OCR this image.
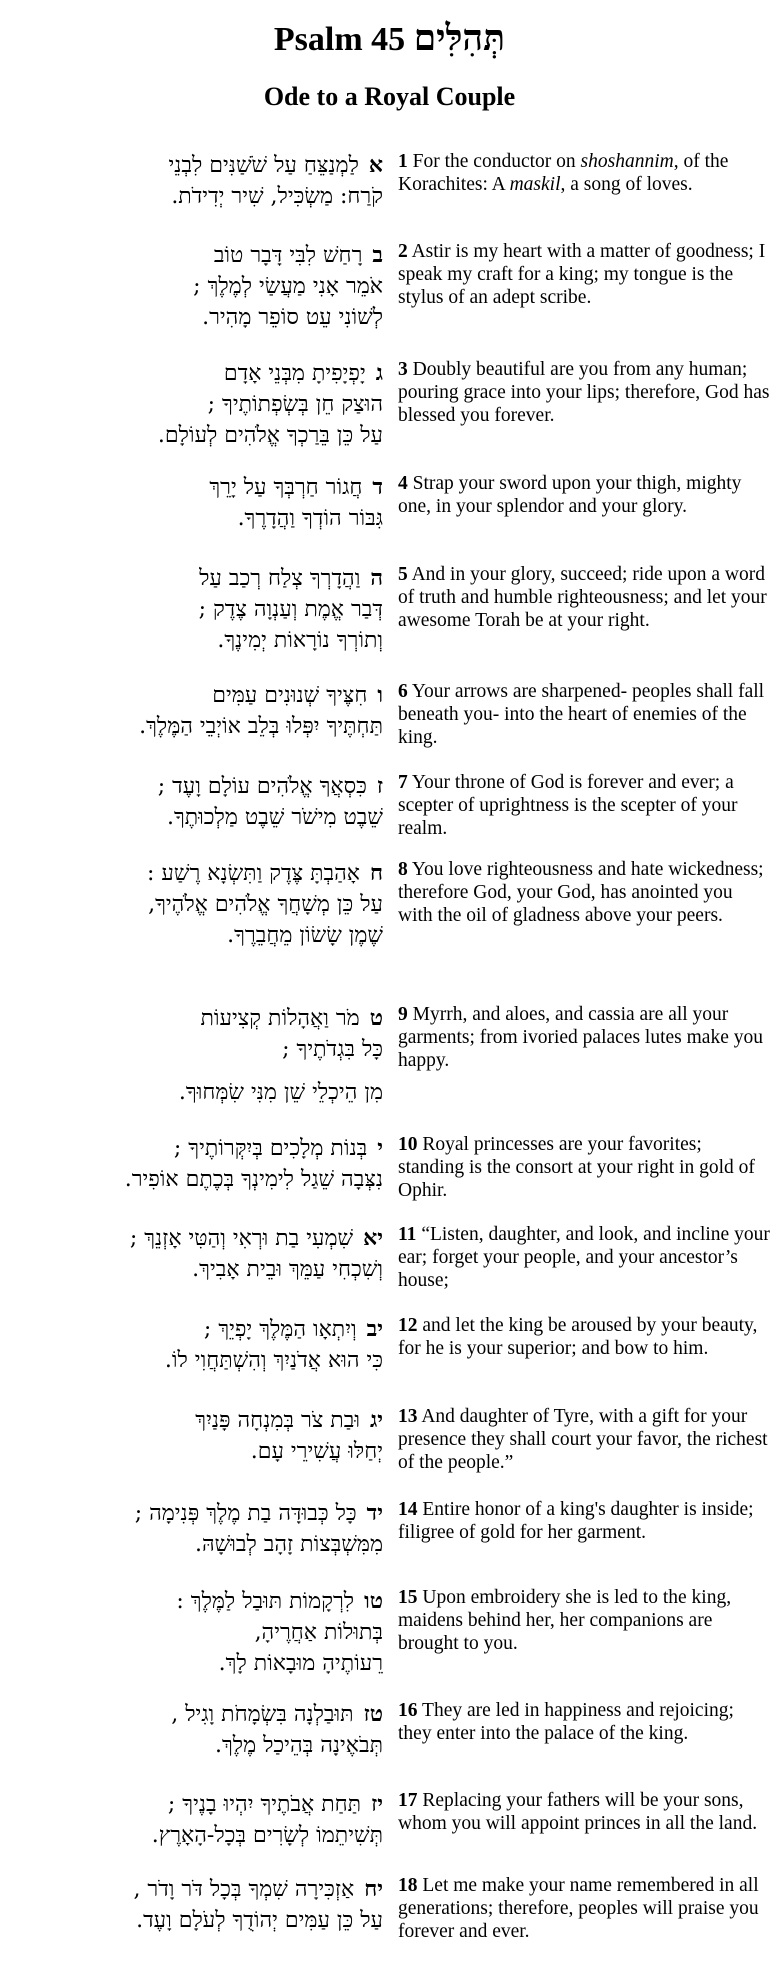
Psalm 45 תְּהִלִּים
Ode to a Royal Couple
אלַמְנַצֵּחַ עַל שֹׁשַׁנִּים לִבְנֵי
קֹרַח: מַשְׂכִּיל, שִׁיר יְדִידֹת.
1 For the conductor on shoshannim, of the Korachites: A maskil, a song of loves.
ברָחַשׁ לִבִּי דָּבָר טוֹב
אֹמֵר אָנִי מַעֲשַׂי לְמֶלֶךְ ;
לְשׁוֹנִי עֵט סוֹפֵר מָהִיר.
2 Astir is my heart with a matter of goodness; I speak my craft for a king; my tongue is the stylus of an adept scribe.
גיָפְיָפִיתָ מִבְּנֵי אָדָם
הוּצַק חֵן בְּשְׂפְתוֹתֶיךָ ;
עַל כֵּן בֵּרַכְךָ אֱלֹהִים לְעוֹלָם.
3 Doubly beautiful are you from any human; pouring grace into your lips; therefore, God has blessed you forever.
דחֲגוֹר חַרְבְּךָ עַל יָרֵךְ
גִּבּוֹר הוֹדְךָ וַהֲדָרֶךָ.
4 Strap your sword upon your thigh, mighty one, in your splendor and your glory.
הוַהֲדָרְךָ צְלַח רְכַב עַל
דְּבַר אֱמֶת וְעַנְוָה צֶדֶק ;
וְתוֹרְךָ נוֹרָאוֹת יְמִינֶךָ.
5 And in your glory, succeed; ride upon a word of truth and humble righteousness; and let your awesome Torah be at your right.
וחִצֶּיךָ שְׁנוּנִים עַמִּים
תַּחְתֶּיךָ יִפְּלוּ בְּלֵב אוֹיְבֵי הַמֶּלֶךְ.
6 Your arrows are sharpened- peoples shall fall beneath you- into the heart of enemies of the king.
זכִּסְאֲךָ אֱלֹהִים עוֹלָם וָעֶד ;
שֵׁבֶט מִישֹׁר שֵׁבֶט מַלְכוּתֶךָ.
7 Your throne of God is forever and ever; a scepter of uprightness is the scepter of your realm.
חאָהַבְתָּ צֶּדֶק וַתִּשְׂנָא רֶשַׁע :
עַל כֵּן מְשָׁחֲךָ אֱלֹהִים אֱלֹהֶיךָ,
שֶׁמֶן שָׂשׂוֹן מֵחֲבֵרֶךָ.
8 You love righteousness and hate wickedness;
therefore God, your God, has anointed you with the oil of gladness above your peers.
טמֹר וַאֲהָלוֹת קְצִיעוֹת
כָּל בִּגְדֹתֶיךָ ;
מִן הֵיכְלֵי שֵׁן מִנִּי שִׂמְּחוּךָ.
9 Myrrh, and aloes, and cassia are all your garments; from ivoried palaces lutes make you happy.
יבְּנוֹת מְלָכִים בְּיִקְּרוֹתֶיךָ ;
נִצְּבָה שֵׁגַל לִימִינְךָ בְּכֶתֶם אוֹפִיר.
10 Royal princesses are your favorites; standing is the consort at your right in gold of Ophir.
יאשִׁמְעִי בַת וּרְאִי וְהַטִּי אָזְנֵךְ ;
וְשִׁכְחִי עַמֵּךְ וּבֵית אָבִיךְ.
11 “Listen, daughter, and look, and incline your ear; forget your people, and your ancestor’s house;
יבוְיִתְאָו הַמֶּלֶךְ יָפְיֵךְ ;
כִּי הוּא אֲדֹנַיִךְ וְהִשְׁתַּחֲוִי לוֹ.
12 and let the king be aroused by your beauty, for he is your superior; and bow to him.
יגוּבַת צֹר בְּמִנְחָה פָּנַיִךְ
יְחַלּוּ עֲשִׁירֵי עָם.
13 And daughter of Tyre, with a gift for your presence they shall court your favor, the richest of the people.”
ידכָּל כְּבוּדָּה בַת מֶלֶךְ פְּנִימָה ;
מִמִּשְׁבְּצוֹת זָהָב לְבוּשָׁהּ.
14 Entire honor of a king's daughter is inside; filigree of gold for her garment.
טולִרְקָמוֹת תּוּבַל לַמֶּלֶךְ :
בְּתוּלוֹת אַחֲרֶיהָ,
רֵעוֹתֶיהָ מוּבָאוֹת לָךְ.
15 Upon embroidery she is led to the king, maidens behind her, her companions are brought to you.
טזתּוּבַלְנָה בִּשְׂמָחֹת וָגִיל ,
תְּבֹאֶינָה בְּהֵיכַל מֶלֶךְ.
16 They are led in happiness and rejoicing; they enter into the palace of the king.
יזתַּחַת אֲבֹתֶיךָ יִהְיוּ בָנֶיךָ ;
תְּשִׁיתֵמוֹ לְשָׂרִים בְּכָל-הָאָרֶץ.
17 Replacing your fathers will be your sons, whom you will appoint princes in all the land.
יחאַזְכִּירָה שִׁמְךָ בְּכָל דֹּר וָדֹר ,
עַל כֵּן עַמִּים יְהוֹדֻךָ לְעֹלָם וָעֶד.
18 Let me make your name remembered in all generations; therefore, peoples will praise you forever and ever.
